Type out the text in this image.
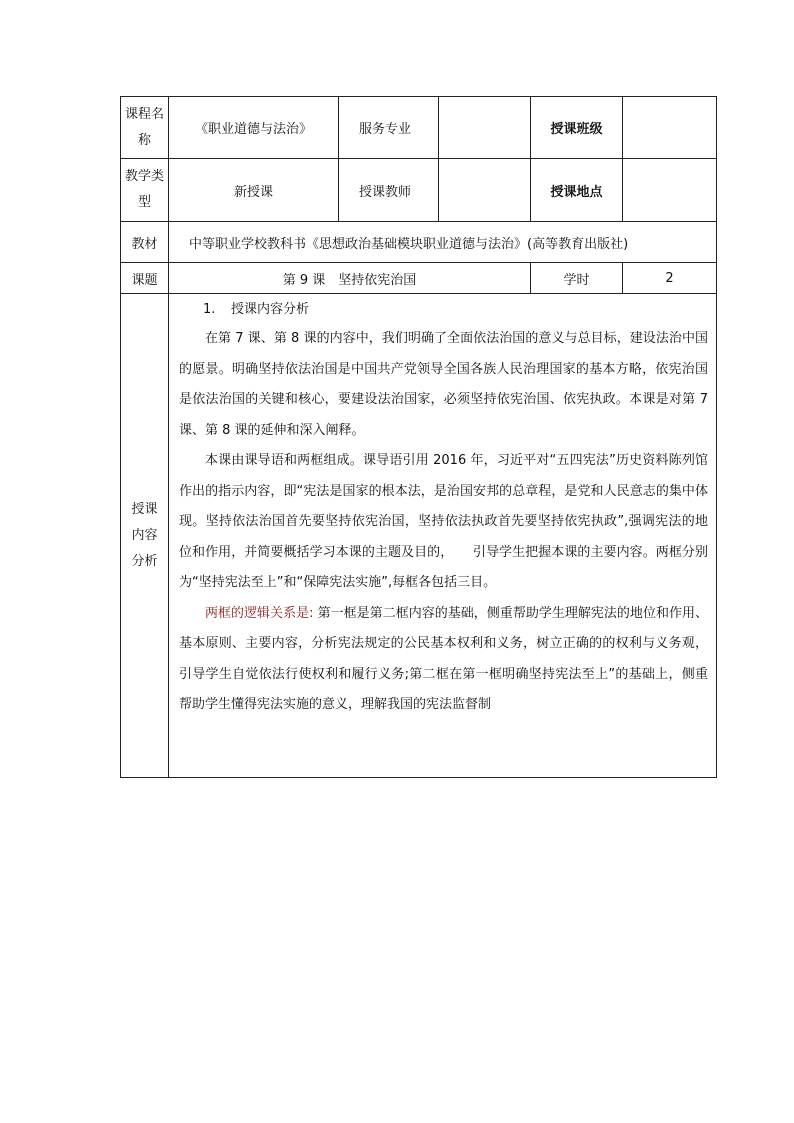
课程名称	《职业道德与法治》	服务专业		授课班级	
教学类型	新授课	授课教师		授课地点	
教材	中等职业学校教科书《思想政治基础模块职业道德与法治》(高等教育出版社)				
课题	第 9 课　坚持依宪治国			学时	2
授课内容分析	1. 授课内容分析

在第 7 课、第 8 课的内容中，我们明确了全面依法治国的意义与总目标，建设法治中国的愿景。明确坚持依法治国是中国共产党领导全国各族人民治理国家的基本方略，依宪治国是依法治国的关键和核心，要建设法治国家，必须坚持依宪治国、依宪执政。本课是对第 7 课、第 8 课的延伸和深入阐释。

本课由课导语和两框组成。课导语引用 2016 年，习近平对“五四宪法”历史资料陈列馆作出的指示内容，即“宪法是国家的根本法，是治国安邦的总章程，是党和人民意志的集中体现。坚持依法治国首先要坚持依宪治国，坚持依法执政首先要坚持依宪执政”,强调宪法的地位和作用，并简要概括学习本课的主题及目的，　　引导学生把握本课的主要内容。两框分别为“坚持宪法至上”和“保障宪法实施”,每框各包括三目。

两框的逻辑关系是: 第一框是第二框内容的基础，侧重帮助学生理解宪法的地位和作用、基本原则、主要内容，分析宪法规定的公民基本权利和义务，树立正确的的权利与义务观，引导学生自觉依法行使权利和履行义务;第二框在第一框明确坚持宪法至上”的基础上，侧重帮助学生懂得宪法实施的意义，理解我国的宪法监督制				
